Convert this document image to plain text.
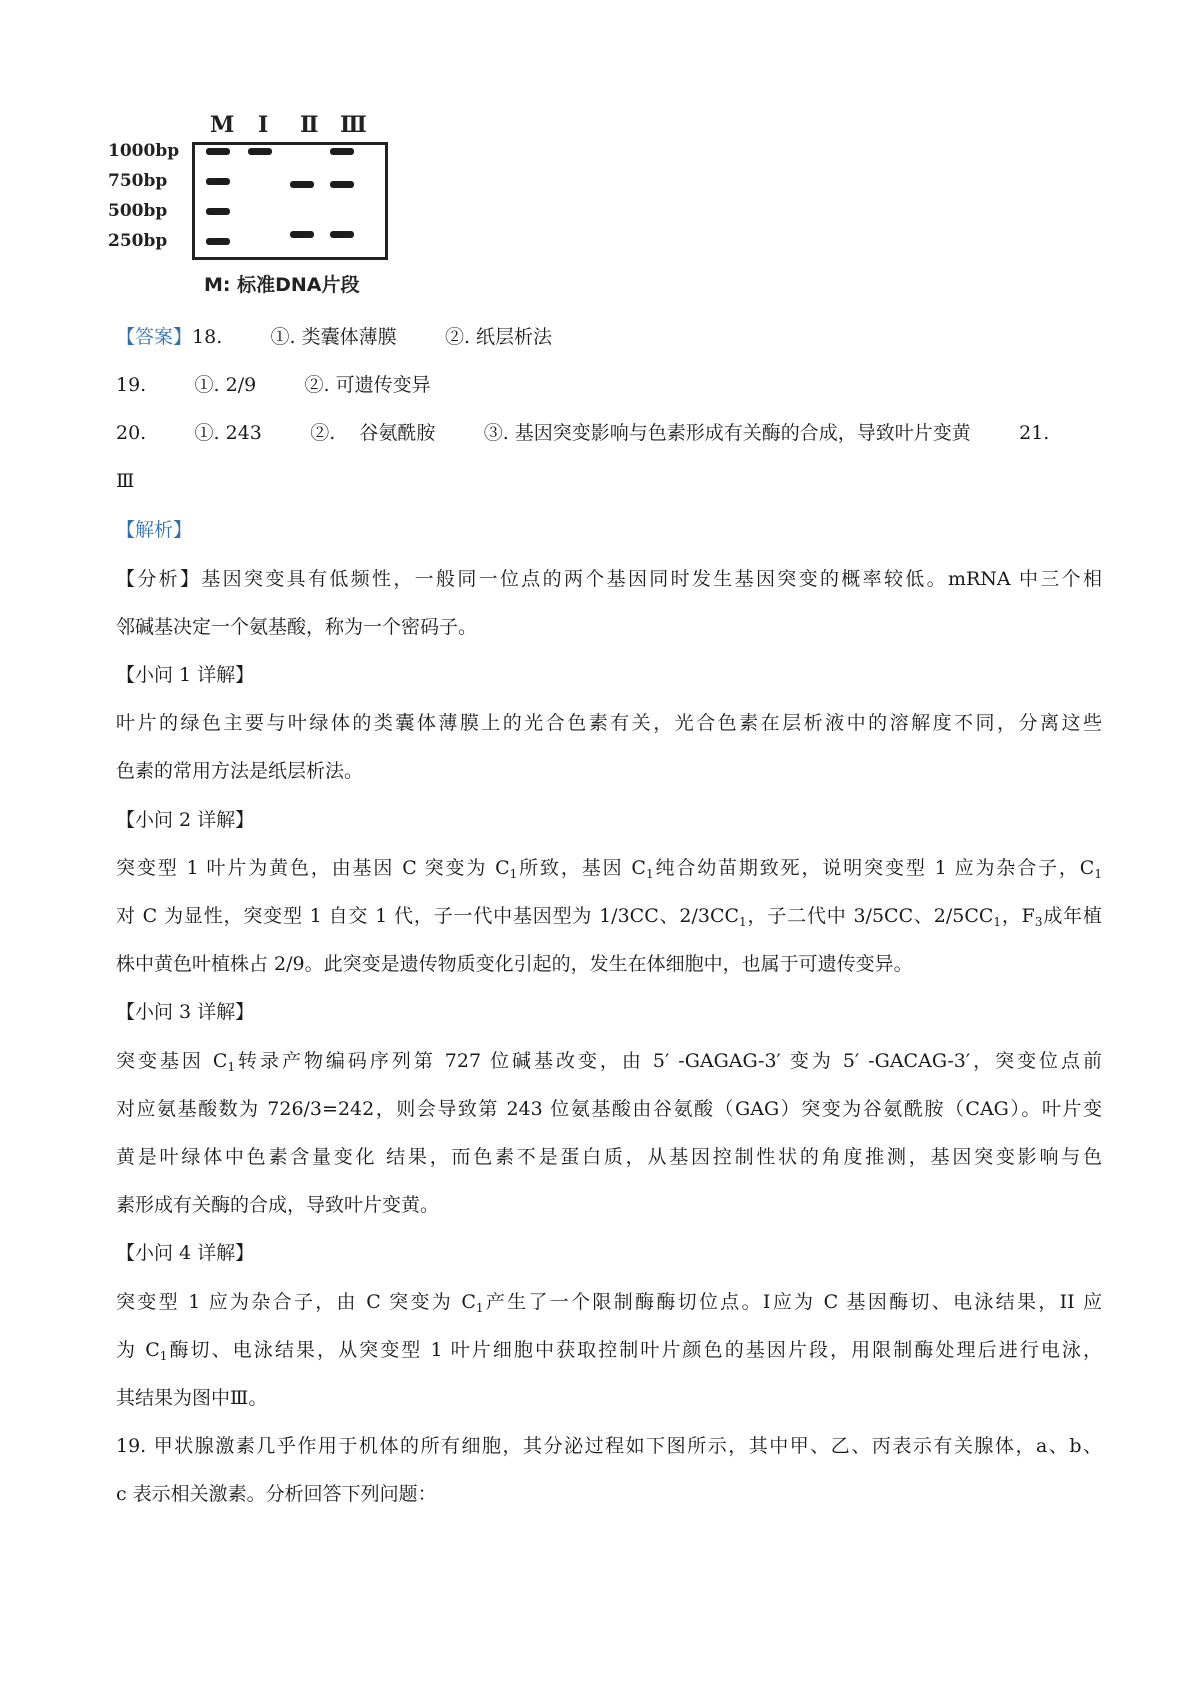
M Ⅰ Ⅱ Ⅲ
1000bp
750bp
500bp
250bp
M: 标准DNA片段
【答案】18.        ①. 类囊体薄膜        ②. 纸层析法
19.        ①. 2/9        ②. 可遗传变异
20.        ①. 243        ②.    谷氨酰胺        ③. 基因突变影响与色素形成有关酶的合成，导致叶片变黄        21.
Ⅲ
【解析】
【分析】基因突变具有低频性，一般同一位点的两个基因同时发生基因突变的概率较低。mRNA 中三个相
邻碱基决定一个氨基酸，称为一个密码子。
【小问 1 详解】
叶片的绿色主要与叶绿体的类囊体薄膜上的光合色素有关，光合色素在层析液中的溶解度不同，分离这些
色素的常用方法是纸层析法。
【小问 2 详解】
突变型 1 叶片为黄色，由基因 C 突变为 $C_1$所致，基因 $C_1$纯合幼苗期致死，说明突变型 1 应为杂合子，$C_1$
对 C 为显性，突变型 1 自交 1 代，子一代中基因型为 1/3CC、$2/3CC_1$，子二代中 3/5CC、$2/5CC_1$，$F_3$成年植
株中黄色叶植株占 2/9。此突变是遗传物质变化引起的，发生在体细胞中，也属于可遗传变异。
【小问 3 详解】
突变基因 $C_1$转录产物编码序列第 727 位碱基改变，由 5′ -GAGAG-3′ 变为 5′ -GACAG-3′，突变位点前
对应氨基酸数为 726/3=242，则会导致第 243 位氨基酸由谷氨酸（GAG）突变为谷氨酰胺（CAG）。叶片变
黄是叶绿体中色素含量变化 结果，而色素不是蛋白质，从基因控制性状的角度推测，基因突变影响与色
素形成有关酶的合成，导致叶片变黄。
【小问 4 详解】
突变型 1 应为杂合子，由 C 突变为 $C_1$产生了一个限制酶酶切位点。Ⅰ应为 C 基因酶切、电泳结果，II 应
为 $C_1$酶切、电泳结果，从突变型 1 叶片细胞中获取控制叶片颜色的基因片段，用限制酶处理后进行电泳，
其结果为图中Ⅲ。
19. 甲状腺激素几乎作用于机体的所有细胞，其分泌过程如下图所示，其中甲、乙、丙表示有关腺体，a、b、
c 表示相关激素。分析回答下列问题：
